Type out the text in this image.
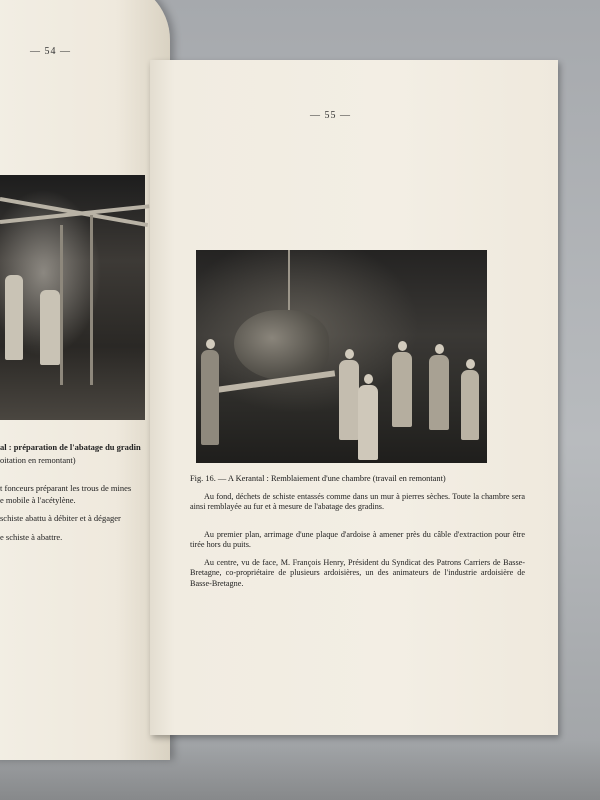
— 54 —
al : préparation de l'abatage du gradin
oitation en remontant)
t fonceurs préparant les trous de mines
e mobile à l'acétylène.
schiste abattu à débiter et à dégager
e schiste à abattre.
— 55 —
Fig. 16. — A Kerantal : Remblaiement d'une chambre (travail en remontant)

Au fond, déchets de schiste entassés comme dans un mur à pierres sèches. Toute la chambre sera ainsi remblayée au fur et à mesure de l'abatage des gradins.

Au premier plan, arrimage d'une plaque d'ardoise à amener près du câble d'extraction pour être tirée hors du puits.

Au centre, vu de face, M. François Henry, Président du Syndicat des Patrons Carriers de Basse-Bretagne, co-propriétaire de plusieurs ardoisières, un des animateurs de l'industrie ardoisière de Basse-Bretagne.
